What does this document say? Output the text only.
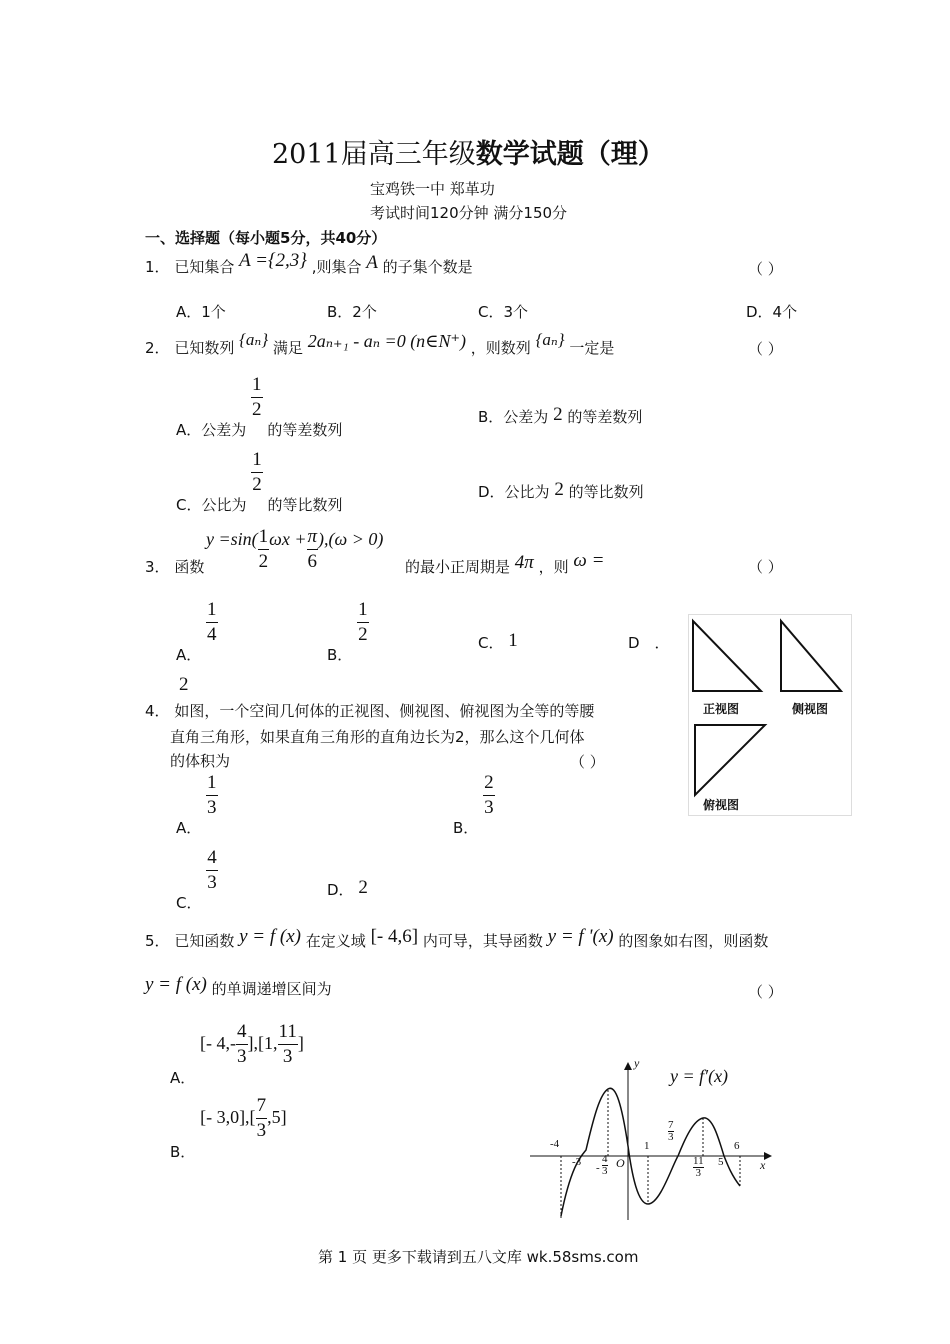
2011届高三年级数学试题（理）
宝鸡铁一中 郑革功
考试时间120分钟 满分150分
一、选择题（每小题5分，共40分）
1． 已知集合 A ={2,3} ,则集合 A 的子集个数是	（ ）
A．1个	B．2个	C．3个	D．4个
2． 已知数列 {aₙ} 满足 2aₙ₊₁ - aₙ =0 (n∈N⁺) ，则数列 {aₙ} 一定是	（ ）
A．公差为
$\frac{1}{2}$
的等差数列
B．公差为 2 的等差数列
C．公比为
$\frac{1}{2}$
的等比数列
D．公比为 2 的等比数列
3． 函数
$y =\sin( \frac{1}{2}$ $\omega x + \frac{\pi}{6} ),(\omega > 0)$
的最小正周期是 4π ，则 ω =	（ ）
A．
$\frac{1}{4}$
B．
$\frac{1}{2}$	C． 1	D　．
2
正视图	侧视图
俯视图
4． 如图，一个空间几何体的正视图、侧视图、俯视图为全等的等腰
直角三角形，如果直角三角形的直角边长为2，那么这个几何体
的体积为	（ ）
A．
$\frac{1}{3}$
B．
$\frac{2}{3}$
C．
$\frac{4}{3}$	D． 2
5． 已知函数 y = f (x) 在定义域 [- 4,6] 内可导，其导函数 y = f '(x) 的图象如右图，则函数
y = f (x) 的单调递增区间为	（ ）
A． [- $4,- \frac{4}{3} ],[1$, $\frac{11}{3}$ ]
B． [- $3,0],[ \frac{7}{3} ,5]$
y = f′(x)
y
x
O
-4
$-3 - \frac{4}{3}$
1
$\frac{7}{3}$
$\frac{11}{3} 5$
6
第 1 页 更多下载请到五八文库 wk.58sms.com
